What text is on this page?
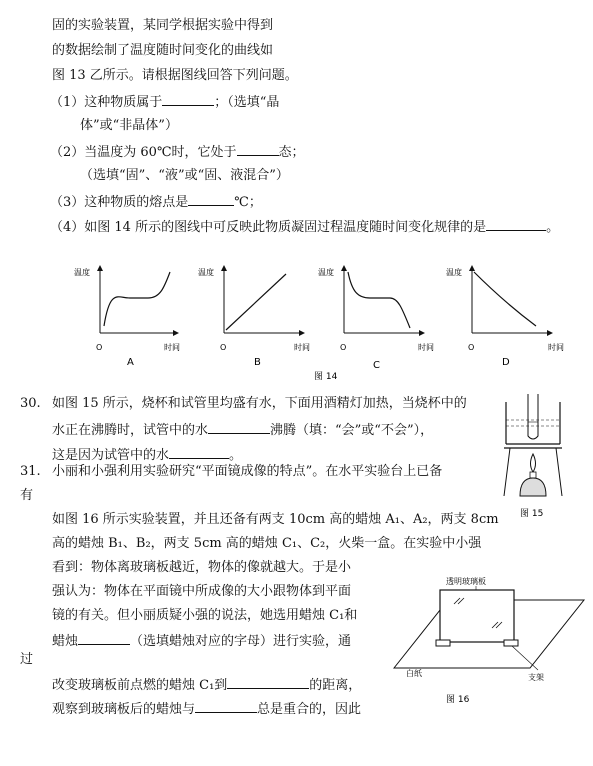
固的实验装置，某同学根据实验中得到
的数据绘制了温度随时间变化的曲线如
图 13 乙所示。请根据图线回答下列问题。
（1）这种物质属于	；（选填“晶
体”或“非晶体”）
（2）当温度为 60℃时，它处于	态；
（选填“固”、“液”或“固、液混合”）
（3）这种物质的熔点是	℃；
（4）如图 14 所示的图线中可反映此物质凝固过程温度随时间变化规律的是	。
温度
O	时间
A
温度
O	时间
B
温度
O	时间
C
温度
O	时间
D
图 14
30. 如图 15 所示，烧杯和试管里均盛有水，下面用酒精灯加热，当烧杯中的
水正在沸腾时，试管中的水	沸腾（填：“会”或“不会”），
这是因为试管中的水	。
图 15
31. 小丽和小强利用实验研究“平面镜成像的特点”。在水平实验台上已备
有
如图 16 所示实验装置，并且还备有两支 10cm 高的蜡烛 A₁、A₂，两支 8cm
高的蜡烛 B₁、B₂，两支 5cm 高的蜡烛 C₁、C₂，火柴一盒。在实验中小强
看到：物体离玻璃板越近，物体的像就越大。于是小
强认为：物体在平面镜中所成像的大小跟物体到平面
镜的有关。但小丽质疑小强的说法，她选用蜡烛 C₁和
蜡烛	（选填蜡烛对应的字母）进行实验，通
过
改变玻璃板前点燃的蜡烛 C₁到	的距离，
观察到玻璃板后的蜡烛与	总是重合的，因此
透明玻璃板
白纸	支架
图 16
